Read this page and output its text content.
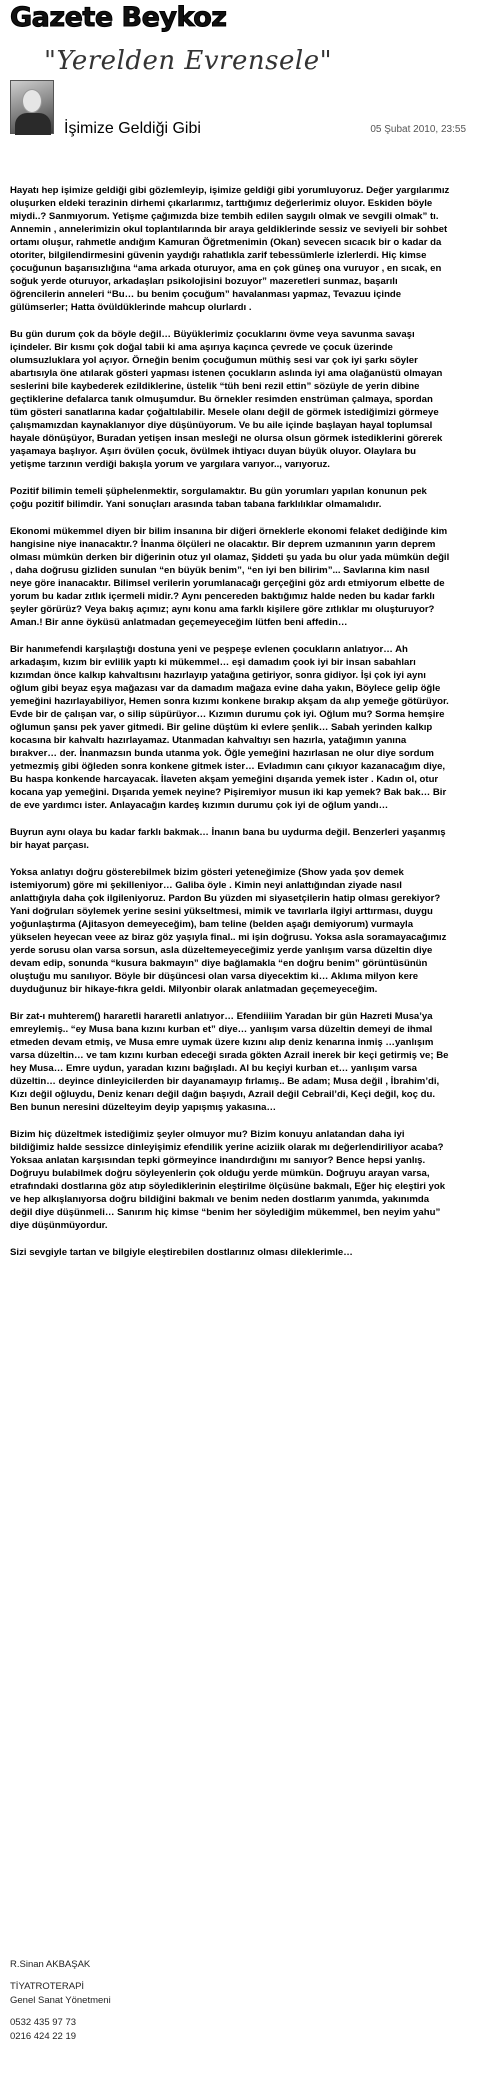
Gazete Beykoz
"Yerelden Evrensele"
İşimize Geldiği Gibi	05 Şubat 2010, 23:55

Hayatı hep işimize geldiği gibi gözlemleyip, işimize geldiği gibi yorumluyoruz. Değer yargılarımız oluşurken eldeki terazinin dirhemi çıkarlarımız, tarttığımız değerlerimiz oluyor. Eskiden böyle miydi..? Sanmıyorum. Yetişme çağımızda bize tembih edilen saygılı olmak ve sevgili olmak” tı. Annemin , annelerimizin okul toplantılarında bir araya geldiklerinde sessiz ve seviyeli bir sohbet ortamı oluşur, rahmetle andığım Kamuran Öğretmenimin (Okan) sevecen sıcacık bir o kadar da otoriter, bilgilendirmesini güvenin yaydığı rahatlıkla zarif tebessümlerle izlerlerdi. Hiç kimse çocuğunun başarısızlığına “ama arkada oturuyor, ama en çok güneş ona vuruyor , en sıcak, en soğuk yerde oturuyor, arkadaşları psikolojisini bozuyor” mazeretleri sunmaz, başarılı öğrencilerin anneleri “Bu… bu benim çocuğum” havalanması yapmaz, Tevazuu içinde gülümserler; Hatta övüldüklerinde mahcup olurlardı .

Bu gün durum çok da böyle değil… Büyüklerimiz çocuklarını övme veya savunma savaşı içindeler. Bir kısmı çok doğal tabii ki ama aşırıya kaçınca çevrede ve çocuk üzerinde olumsuzluklara yol açıyor. Örneğin benim çocuğumun müthiş sesi var çok iyi şarkı söyler abartısıyla öne atılarak gösteri yapması istenen çocukların aslında iyi ama olağanüstü olmayan seslerini bile kaybederek ezildiklerine, üstelik “tüh beni rezil ettin” sözüyle de yerin dibine geçtiklerine defalarca tanık olmuşumdur. Bu örnekler resimden enstrüman çalmaya, spordan tüm gösteri sanatlarına kadar çoğaltılabilir. Mesele olanı değil de görmek istediğimizi görmeye çalışmamızdan kaynaklanıyor diye düşünüyorum. Ve bu aile içinde başlayan hayal toplumsal hayale dönüşüyor, Buradan yetişen insan mesleği ne olursa olsun görmek istediklerini görerek yaşamaya başlıyor. Aşırı övülen çocuk, övülmek ihtiyacı duyan büyük oluyor. Olaylara bu yetişme tarzının verdiği bakışla yorum ve yargılara varıyor.., varıyoruz.

Pozitif bilimin temeli şüphelenmektir, sorgulamaktır. Bu gün yorumları yapılan konunun pek çoğu pozitif bilimdir. Yani sonuçları arasında taban tabana farklılıklar olmamalıdır.

Ekonomi mükemmel diyen bir bilim insanına bir diğeri örneklerle ekonomi felaket dediğinde kim hangisine niye inanacaktır.? İnanma ölçüleri ne olacaktır. Bir deprem uzmanının yarın deprem olması mümkün derken bir diğerinin otuz yıl olamaz, Şiddeti şu yada bu olur yada mümkün değil , daha doğrusu gizliden sunulan “en büyük benim”, “en iyi ben bilirim”... Savlarına kim nasıl neye göre inanacaktır. Bilimsel verilerin yorumlanacağı gerçeğini göz ardı etmiyorum elbette de yorum bu kadar zıtlık içermeli midir.? Aynı pencereden baktığımız halde neden bu kadar farklı şeyler görürüz? Veya bakış açımız; aynı konu ama farklı kişilere göre zıtlıklar mı oluşturuyor?
Aman.! Bir anne öyküsü anlatmadan geçemeyeceğim lütfen beni affedin…

Bir hanımefendi karşılaştığı dostuna yeni ve peşpeşe evlenen çocukların anlatıyor… Ah arkadaşım, kızım bir evlilik yaptı ki mükemmel… eşi damadım çook iyi bir insan sabahları kızımdan önce kalkıp kahvaltısını hazırlayıp yatağına getiriyor, sonra gidiyor. İşi çok iyi aynı oğlum gibi beyaz eşya mağazası var da damadım mağaza evine daha yakın, Böylece gelip öğle yemeğini hazırlayabiliyor, Hemen sonra kızımı konkene bırakıp akşam da alıp yemeğe götürüyor. Evde bir de çalışan var, o silip süpürüyor… Kızımın durumu çok iyi. Oğlum mu? Sorma hemşire oğlumun şansı pek yaver gitmedi. Bir geline düştüm ki evlere şenlik… Sabah yerinden kalkıp kocasına bir kahvaltı hazırlayamaz. Utanmadan kahvaltıyı sen hazırla, yatağımın yanına bırakver… der. İnanmazsın bunda utanma yok. Öğle yemeğini hazırlasan ne olur diye sordum yetmezmiş gibi öğleden sonra konkene gitmek ister… Evladımın canı çıkıyor kazanacağım diye, Bu haspa konkende harcayacak. İlaveten akşam yemeğini dışarıda yemek ister . Kadın ol, otur kocana yap yemeğini. Dışarıda yemek neyine? Pişiremiyor musun iki kap yemek? Bak bak… Bir de eve yardımcı ister. Anlayacağın kardeş kızımın durumu çok iyi de oğlum yandı…

Buyrun aynı olaya bu kadar farklı bakmak… İnanın bana bu uydurma değil. Benzerleri yaşanmış bir hayat parçası.

Yoksa anlatıyı doğru gösterebilmek bizim gösteri yeteneğimize (Show yada şov demek istemiyorum) göre mi şekilleniyor… Galiba öyle . Kimin neyi anlattığından ziyade nasıl anlattığıyla daha çok ilgileniyoruz. Pardon Bu yüzden mi siyasetçilerin hatip olması gerekiyor? Yani doğruları söylemek yerine sesini yükseltmesi, mimik ve tavırlarla ilgiyi arttırması, duygu yoğunlaştırma (Ajitasyon demeyeceğim), bam teline (belden aşağı demiyorum) vurmayla yükselen heyecan veee az biraz göz yaşıyla final.. mi işin doğrusu. Yoksa asla soramayacağımız yerde sorusu olan varsa sorsun, asla düzeltemeyeceğimiz yerde yanlışım varsa düzeltin diye devam edip, sonunda “kusura bakmayın” diye bağlamakla “en doğru benim” görüntüsünün oluştuğu mu sanılıyor. Böyle bir düşüncesi olan varsa diyecektim ki… Aklıma milyon kere duyduğunuz bir hikaye-fıkra geldi. Milyonbir olarak anlatmadan geçemeyeceğim.

Bir zat-ı muhterem() hararetli hararetli anlatıyor… Efendiiiim Yaradan bir gün Hazreti Musa’ya emreylemiş.. “ey Musa bana kızını kurban et” diye… yanlışım varsa düzeltin demeyi de ihmal etmeden devam etmiş, ve Musa emre uymak üzere kızını alıp deniz kenarına inmiş …yanlışım varsa düzeltin… ve tam kızını kurban edeceği sırada gökten Azrail inerek bir keçi getirmiş ve; Be hey Musa… Emre uydun, yaradan kızını bağışladı. Al bu keçiyi kurban et… yanlışım varsa düzeltin… deyince dinleyicilerden bir dayanamayıp fırlamış.. Be adam; Musa değil , İbrahim’di, Kızı değil oğluydu, Deniz kenarı değil dağın başıydı, Azrail değil Cebrail’di, Keçi değil, koç du. Ben bunun neresini düzelteyim deyip yapışmış yakasına…

Bizim hiç düzeltmek istediğimiz şeyler olmuyor mu? Bizim konuyu anlatandan daha iyi bildiğimiz halde sessizce dinleyişimiz efendilik yerine aciziik olarak mı değerlendiriliyor acaba? Yoksaa anlatan karşısından tepki görmeyince inandırdığını mı sanıyor? Bence hepsi yanlış. Doğruyu bulabilmek doğru söyleyenlerin çok olduğu yerde mümkün. Doğruyu arayan varsa, etrafındaki dostlarına göz atıp söylediklerinin eleştirilme ölçüsüne bakmalı, Eğer hiç eleştiri yok ve hep alkışlanıyorsa doğru bildiğini bakmalı ve benim neden dostlarım yanımda, yakınımda değil diye düşünmeli… Sanırım hiç kimse “benim her söylediğim mükemmel, ben neyim yahu” diye düşünmüyordur.

Sizi sevgiyle tartan ve bilgiyle eleştirebilen dostlarınız olması dileklerimle…

R.Sinan AKBAŞAK
TİYATROTERAPİ
Genel Sanat Yönetmeni
0532 435 97 73
0216 424 22 19
